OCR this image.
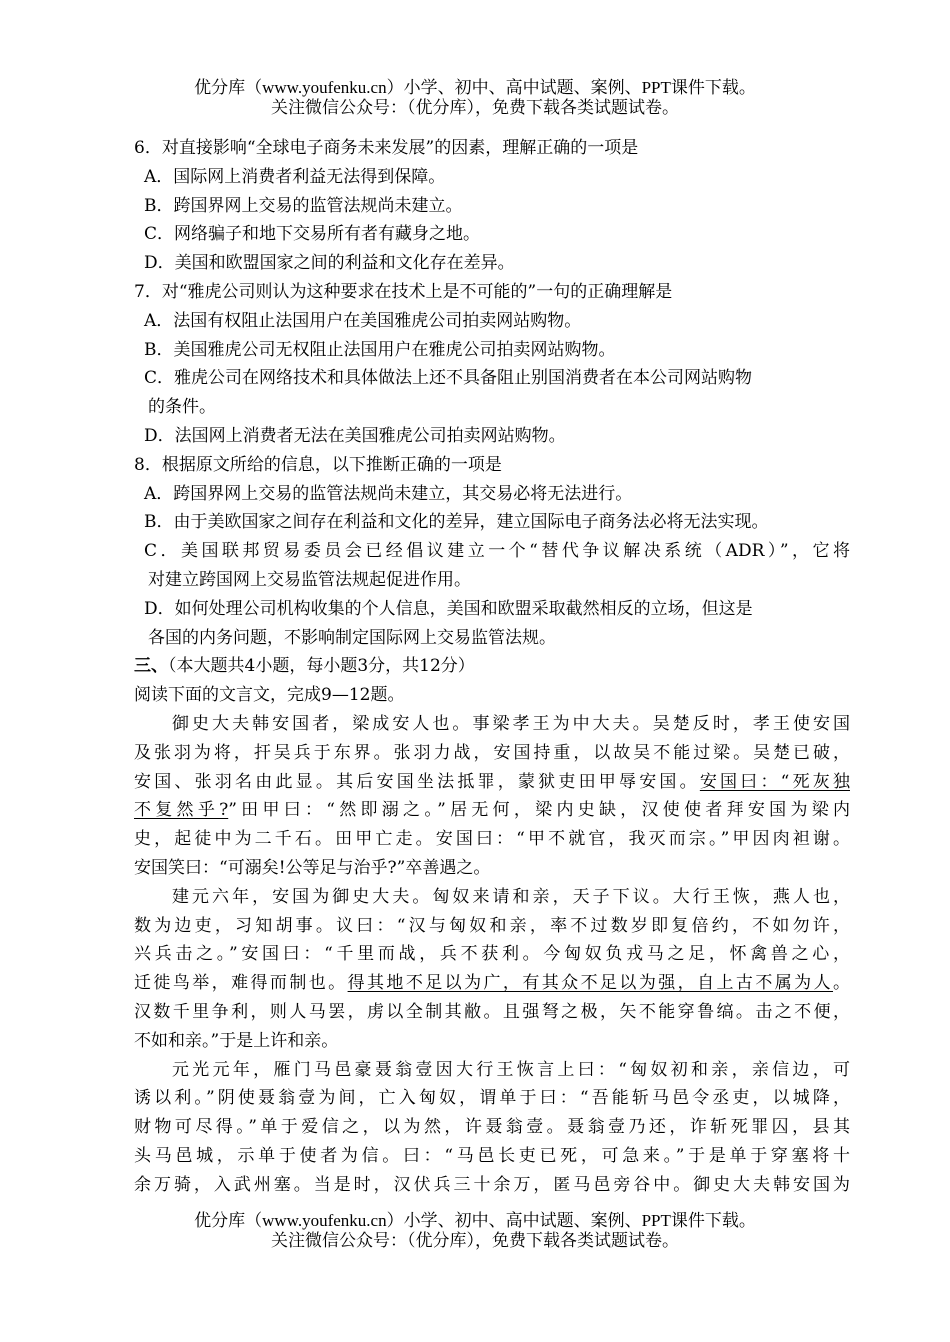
优分库（www.youfenku.cn）小学、初中、高中试题、案例、PPT课件下载。
关注微信公众号：（优分库），免费下载各类试题试卷。
6．对直接影响“全球电子商务未来发展”的因素，理解正确的一项是
A．国际网上消费者利益无法得到保障。
B．跨国界网上交易的监管法规尚未建立。
C．网络骗子和地下交易所有者有藏身之地。
D．美国和欧盟国家之间的利益和文化存在差异。
7．对“雅虎公司则认为这种要求在技术上是不可能的”一句的正确理解是
A．法国有权阻止法国用户在美国雅虎公司拍卖网站购物。
B．美国雅虎公司无权阻止法国用户在雅虎公司拍卖网站购物。
C．雅虎公司在网络技术和具体做法上还不具备阻止别国消费者在本公司网站购物
的条件。
D．法国网上消费者无法在美国雅虎公司拍卖网站购物。
8．根据原文所给的信息，以下推断正确的一项是
A．跨国界网上交易的监管法规尚未建立，其交易必将无法进行。
B．由于美欧国家之间存在利益和文化的差异，建立国际电子商务法必将无法实现。
C．美国联邦贸易委员会已经倡议建立一个“替代争议解决系统（ADR）”，它将
对建立跨国网上交易监管法规起促进作用。
D．如何处理公司机构收集的个人信息，美国和欧盟采取截然相反的立场，但这是
各国的内务问题，不影响制定国际网上交易监管法规。
三、（本大题共4小题，每小题3分，共12分）
阅读下面的文言文，完成9—12题。
御史大夫韩安国者，梁成安人也。事梁孝王为中大夫。吴楚反时，孝王使安国
及张羽为将，扞吴兵于东界。张羽力战，安国持重，以故吴不能过梁。吴楚已破，
安国、张羽名由此显。其后安国坐法抵罪，蒙狱吏田甲辱安国。安国曰：“死灰独
不复然乎?”田甲曰：“然即溺之。”居无何，梁内史缺，汉使使者拜安国为梁内
史，起徒中为二千石。田甲亡走。安国曰：“甲不就官，我灭而宗。”甲因肉袒谢。
安国笑曰：“可溺矣!公等足与治乎?”卒善遇之。
建元六年，安国为御史大夫。匈奴来请和亲，天子下议。大行王恢，燕人也，
数为边吏，习知胡事。议曰：“汉与匈奴和亲，率不过数岁即复倍约，不如勿许，
兴兵击之。”安国曰：“千里而战，兵不获利。今匈奴负戎马之足，怀禽兽之心，
迁徙鸟举，难得而制也。得其地不足以为广，有其众不足以为强，自上古不属为人。
汉数千里争利，则人马罢，虏以全制其敝。且强弩之极，矢不能穿鲁缟。击之不便，
不如和亲。”于是上许和亲。
元光元年，雁门马邑豪聂翁壹因大行王恢言上曰：“匈奴初和亲，亲信边，可
诱以利。”阴使聂翁壹为间，亡入匈奴，谓单于曰：“吾能斩马邑令丞吏，以城降，
财物可尽得。”单于爱信之，以为然，许聂翁壹。聂翁壹乃还，诈斩死罪囚，县其
头马邑城，示单于使者为信。曰：“马邑长吏已死，可急来。”于是单于穿塞将十
余万骑，入武州塞。当是时，汉伏兵三十余万，匿马邑旁谷中。御史大夫韩安国为
优分库（www.youfenku.cn）小学、初中、高中试题、案例、PPT课件下载。
关注微信公众号：（优分库），免费下载各类试题试卷。
